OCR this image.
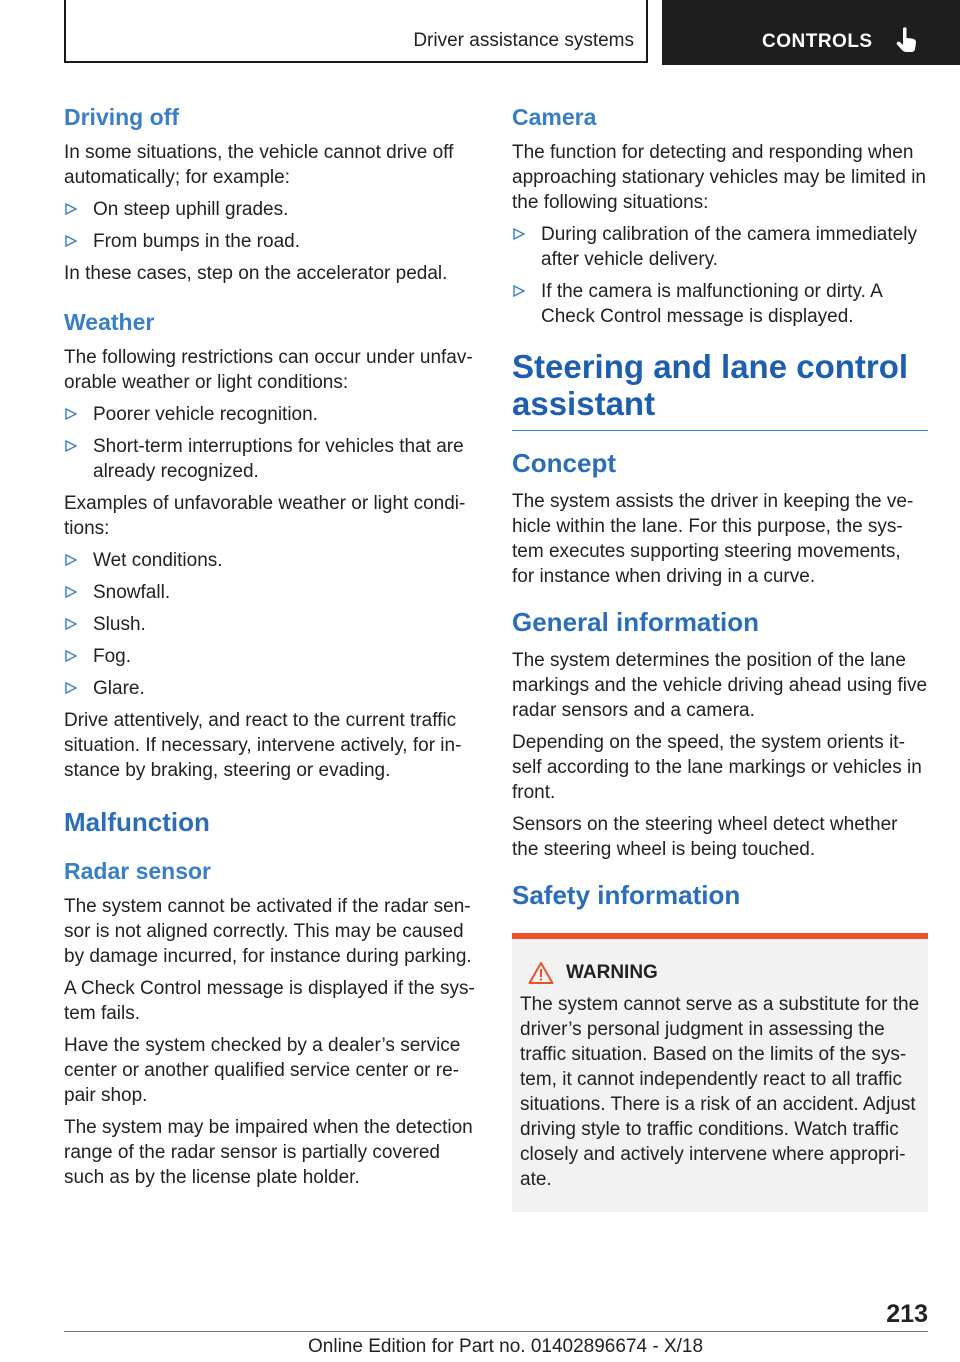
Driver assistance systems	CONTROLS
Driving off

In some situations, the vehicle cannot drive off automatically; for example:

On steep uphill grades.
From bumps in the road.

In these cases, step on the accelerator pedal.

Weather

The following restrictions can occur under unfav‐orable weather or light conditions:

Poorer vehicle recognition.
Short-term interruptions for vehicles that are already recognized.

Examples of unfavorable weather or light condi‐tions:

Wet conditions.
Snowfall.
Slush.
Fog.
Glare.

Drive attentively, and react to the current traffic situation. If necessary, intervene actively, for in‐stance by braking, steering or evading.

Malfunction
Radar sensor

The system cannot be activated if the radar sen‐sor is not aligned correctly. This may be caused by damage incurred, for instance during parking.

A Check Control message is displayed if the sys‐tem fails.

Have the system checked by a dealer’s service center or another qualified service center or re‐pair shop.

The system may be impaired when the detection range of the radar sensor is partially covered such as by the license plate holder.

Camera

The function for detecting and responding when approaching stationary vehicles may be limited in the following situations:

During calibration of the camera immediately after vehicle delivery.
If the camera is malfunctioning or dirty. A Check Control message is displayed.
Steering and lane control assistant
Concept

The system assists the driver in keeping the ve‐hicle within the lane. For this purpose, the sys‐tem executes supporting steering movements, for instance when driving in a curve.

General information

The system determines the position of the lane markings and the vehicle driving ahead using five radar sensors and a camera.

Depending on the speed, the system orients it‐self according to the lane markings or vehicles in front.

Sensors on the steering wheel detect whether the steering wheel is being touched.

Safety information
WARNING

The system cannot serve as a substitute for the driver’s personal judgment in assessing the traffic situation. Based on the limits of the sys‐tem, it cannot independently react to all traffic situations. There is a risk of an accident. Adjust driving style to traffic conditions. Watch traffic closely and actively intervene where appropri‐ate.

213
Online Edition for Part no. 01402896674 - X/18
